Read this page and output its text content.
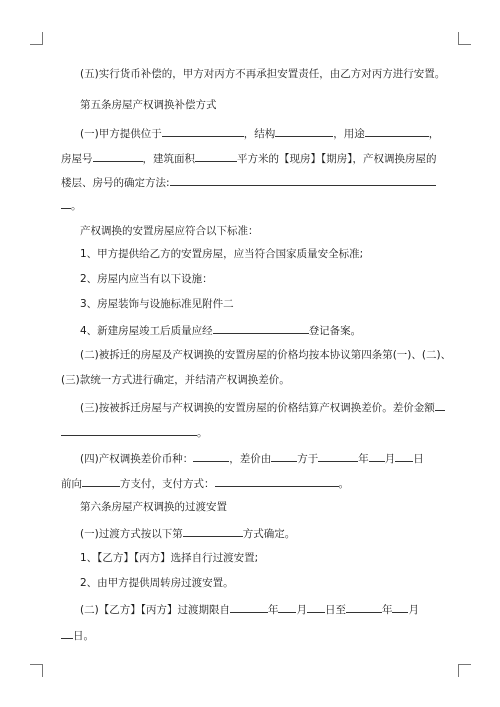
(五)实行货币补偿的，甲方对丙方不再承担安置责任，由乙方对丙方进行安置。
第五条房屋产权调换补偿方式
(一)甲方提供位于	，结构	，用途	，
房屋号	，建筑面积	平方米的【现房】【期房】，产权调换房屋的
楼层、房号的确定方法:
。
产权调换的安置房屋应符合以下标准：
1、甲方提供给乙方的安置房屋，应当符合国家质量安全标准;
2、房屋内应当有以下设施：
3、房屋装饰与设施标准见附件二
4、新建房屋竣工后质量应经	登记备案。
(二)被拆迁的房屋及产权调换的安置房屋的价格均按本协议第四条第(一)、(二)、
(三)款统一方式进行确定，并结清产权调换差价。
(三)按被拆迁房屋与产权调换的安置房屋的价格结算产权调换差价。差价金额
。
(四)产权调换差价币种：	，差价由 方于	年 月 日
前向	方支付，支付方式：	。
第六条房屋产权调换的过渡安置
(一)过渡方式按以下第	方式确定。
1、【乙方】【丙方】选择自行过渡安置;
2、由甲方提供周转房过渡安置。
(二)【乙方】【丙方】过渡期限自	年 月 日至	年 月
日。
